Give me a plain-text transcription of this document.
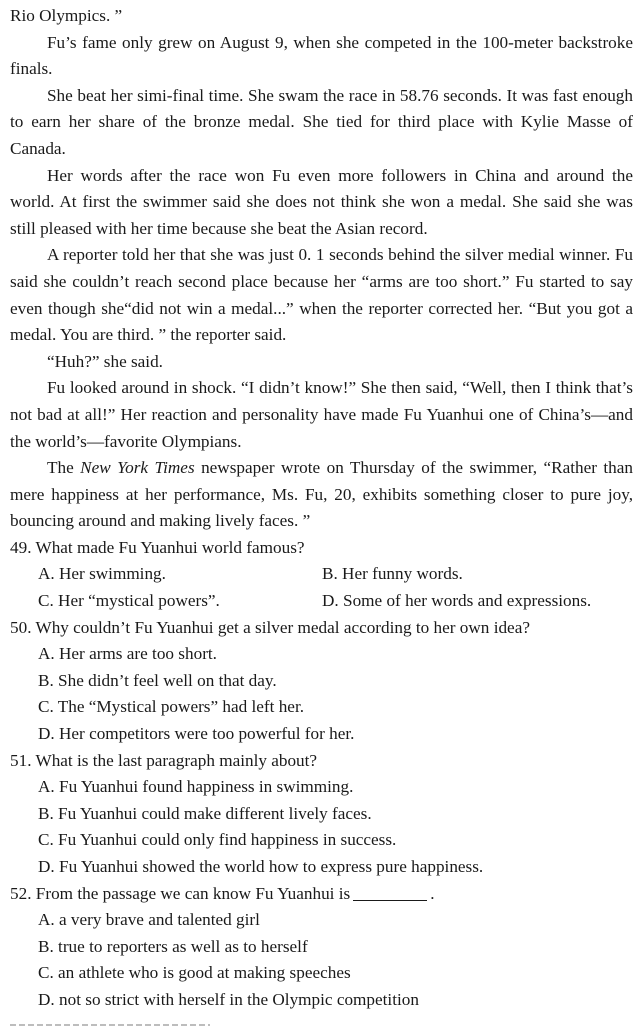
Rio Olympics. ”

Fu’s fame only grew on August 9, when she competed in the 100-meter backstroke finals.

She beat her simi-final time. She swam the race in 58.76 seconds. It was fast enough to earn her share of the bronze medal. She tied for third place with Kylie Masse of Canada.

Her words after the race won Fu even more followers in China and around the world. At first the swimmer said she does not think she won a medal. She said she was still pleased with her time because she beat the Asian record.

A reporter told her that she was just 0. 1 seconds behind the silver medial winner. Fu said she couldn’t reach second place because her “arms are too short.” Fu started to say even though she“did not win a medal...” when the reporter corrected her. “But you got a medal. You are third. ” the reporter said.

“Huh?” she said.

Fu looked around in shock. “I didn’t know!” She then said, “Well, then I think that’s not bad at all!” Her reaction and personality have made Fu Yuanhui one of China’s—and the world’s—favorite Olympians.

The New York Times newspaper wrote on Thursday of the swimmer, “Rather than mere happiness at her performance, Ms. Fu, 20, exhibits something closer to pure joy, bouncing around and making lively faces. ”

49. What made Fu Yuanhui world famous?

A. Her swimming.	B. Her funny words.
C. Her “mystical powers”.	D. Some of her words and expressions.

50. Why couldn’t Fu Yuanhui get a silver medal according to her own idea?

A. Her arms are too short.
B. She didn’t feel well on that day.
C. The “Mystical powers” had left her.
D. Her competitors were too powerful for her.

51. What is the last paragraph mainly about?

A. Fu Yuanhui found happiness in swimming.
B. Fu Yuanhui could make different lively faces.
C. Fu Yuanhui could only find happiness in success.
D. Fu Yuanhui showed the world how to express pure happiness.

52. From the passage we can know Fu Yuanhui is	.

A. a very brave and talented girl
B. true to reporters as well as to herself
C. an athlete who is good at making speeches
D. not so strict with herself in the Olympic competition
